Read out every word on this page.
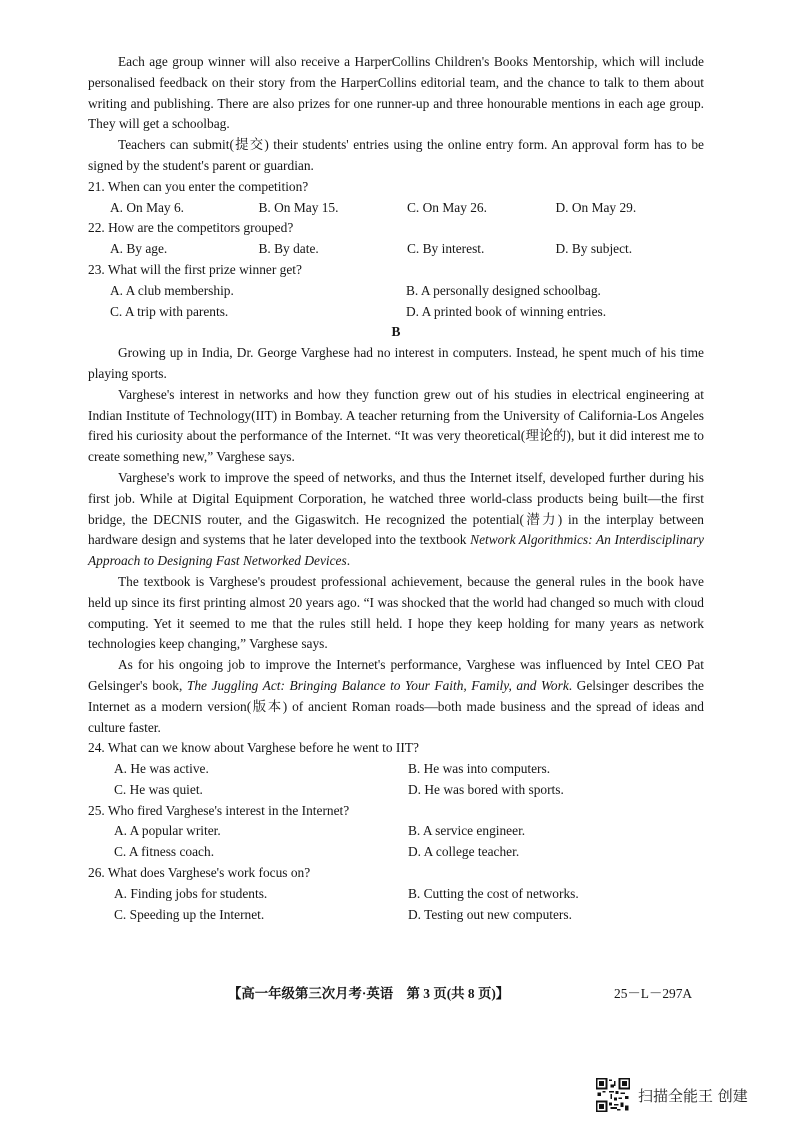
Each age group winner will also receive a HarperCollins Children's Books Mentorship, which will include personalised feedback on their story from the HarperCollins editorial team, and the chance to talk to them about writing and publishing. There are also prizes for one runner-up and three honourable mentions in each age group. They will get a schoolbag.

Teachers can submit(提交) their students' entries using the online entry form. An approval form has to be signed by the student's parent or guardian.

21. When can you enter the competition?
A. On May 6.	B. On May 15.	C. On May 26.	D. On May 29.
22. How are the competitors grouped?
A. By age.	B. By date.	C. By interest.	D. By subject.
23. What will the first prize winner get?
A. A club membership.	B. A personally designed schoolbag.
C. A trip with parents.	D. A printed book of winning entries.
B

Growing up in India, Dr. George Varghese had no interest in computers. Instead, he spent much of his time playing sports.

Varghese's interest in networks and how they function grew out of his studies in electrical engineering at Indian Institute of Technology(IIT) in Bombay. A teacher returning from the University of California-Los Angeles fired his curiosity about the performance of the Internet. “It was very theoretical(理论的), but it did interest me to create something new,” Varghese says.

Varghese's work to improve the speed of networks, and thus the Internet itself, developed further during his first job. While at Digital Equipment Corporation, he watched three world-class products being built—the first bridge, the DECNIS router, and the Gigaswitch. He recognized the potential(潜力) in the interplay between hardware design and systems that he later developed into the textbook Network Algorithmics: An Interdisciplinary Approach to Designing Fast Networked Devices.

The textbook is Varghese's proudest professional achievement, because the general rules in the book have held up since its first printing almost 20 years ago. “I was shocked that the world had changed so much with cloud computing. Yet it seemed to me that the rules still held. I hope they keep holding for many years as network technologies keep changing,” Varghese says.

As for his ongoing job to improve the Internet's performance, Varghese was influenced by Intel CEO Pat Gelsinger's book, The Juggling Act: Bringing Balance to Your Faith, Family, and Work. Gelsinger describes the Internet as a modern version(版本) of ancient Roman roads—both made business and the spread of ideas and culture faster.

24. What can we know about Varghese before he went to IIT?
A. He was active.	B. He was into computers.
C. He was quiet.	D. He was bored with sports.
25. Who fired Varghese's interest in the Internet?
A. A popular writer.	B. A service engineer.
C. A fitness coach.	D. A college teacher.
26. What does Varghese's work focus on?
A. Finding jobs for students.	B. Cutting the cost of networks.
C. Speeding up the Internet.	D. Testing out new computers.
【高一年级第三次月考·英语　第 3 页(共 8 页)】	25－L－297A
扫描全能王 创建
